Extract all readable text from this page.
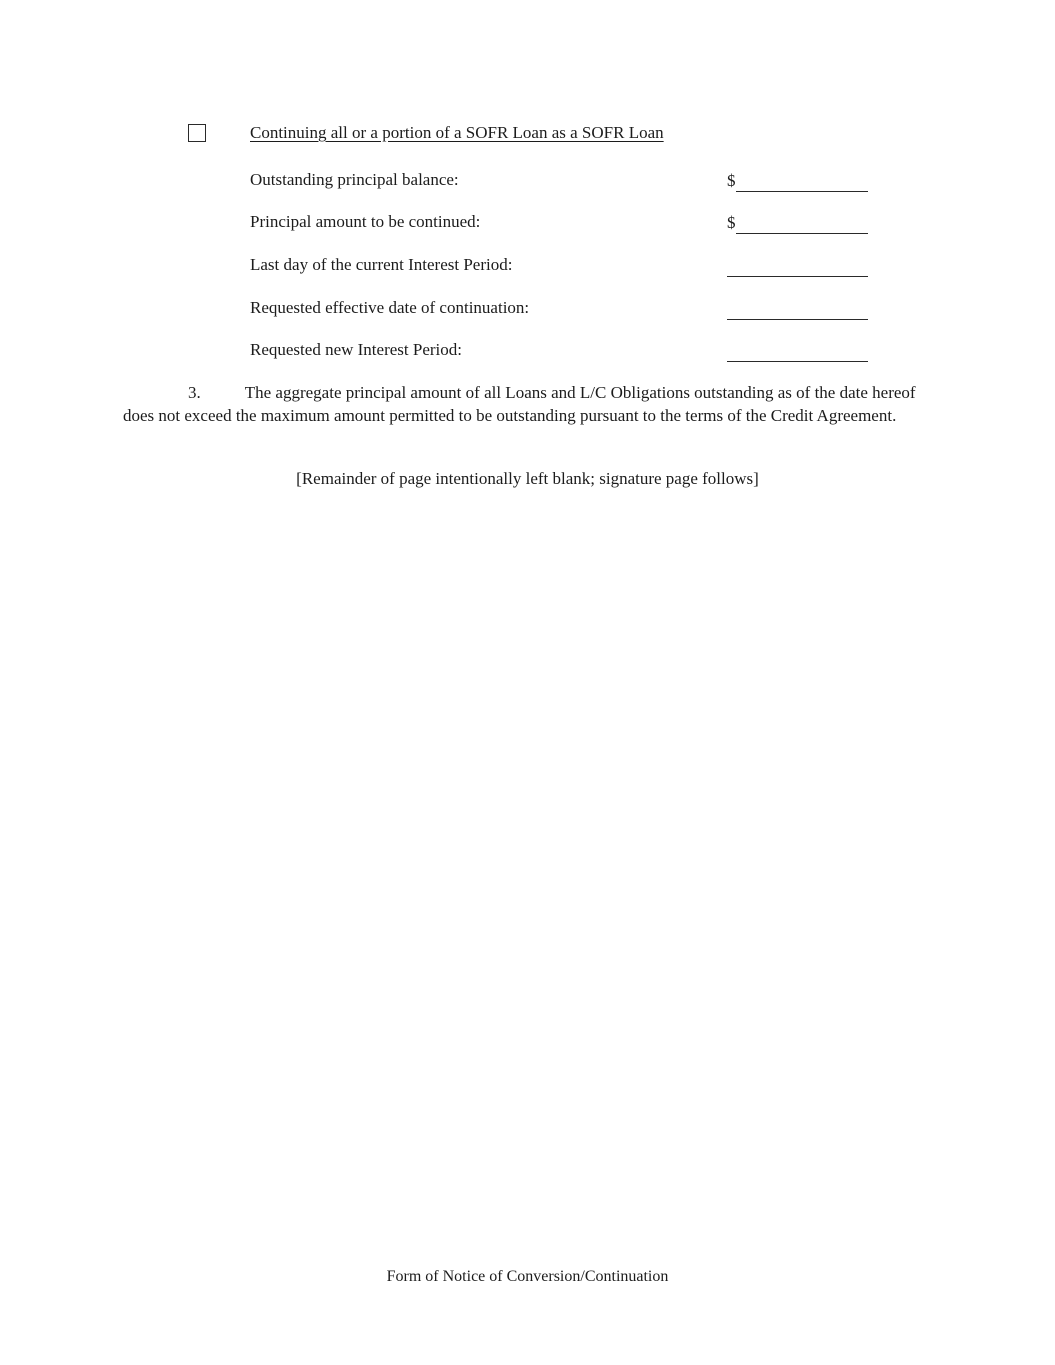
Continuing all or a portion of a SOFR Loan as a SOFR Loan
Outstanding principal balance:	$
Principal amount to be continued:	$
Last day of the current Interest Period:
Requested effective date of continuation:
Requested new Interest Period:

3.	The aggregate principal amount of all Loans and L/C Obligations outstanding as of the date hereof does not exceed the maximum amount permitted to be outstanding pursuant to the terms of the Credit Agreement.

[Remainder of page intentionally left blank; signature page follows]
Form of Notice of Conversion/Continuation
